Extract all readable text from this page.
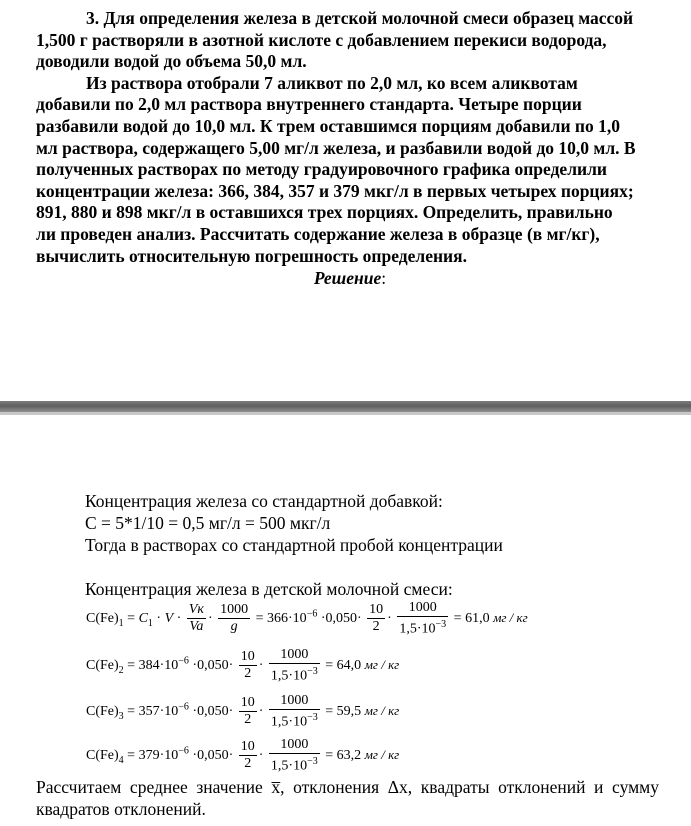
3. Для определения железа в детской молочной смеси образец массой 1,500 г растворяли в азотной кислоте с добавлением перекиси водорода, доводили водой до объема 50,0 мл.

Из раствора отобрали 7 аликвот по 2,0 мл, ко всем аликвотам добавили по 2,0 мл раствора внутреннего стандарта. Четыре порции разбавили водой до 10,0 мл. К трем оставшимся порциям добавили по 1,0 мл раствора, содержащего 5,00 мг/л железа, и разбавили водой до 10,0 мл. В полученных растворах по методу градуировочного графика определили концентрации железа: 366, 384, 357 и 379 мкг/л в первых четырех порциях; 891, 880 и 898 мкг/л в оставшихся трех порциях. Определить, правильно ли проведен анализ. Рассчитать содержание железа в образце (в мг/кг), вычислить относительную погрешность определения.

Решение:
Концентрация железа со стандартной добавкой:
С = 5*1/10 = 0,5 мг/л = 500 мкг/л
Тогда в растворах со стандартной пробой концентрации
Концентрация железа в детской молочной смеси:
$C(Fe)_1 = C_1 \cdot V \cdot \frac{Vк}{Va} \cdot \frac{1000}{g} = 366\cdot 10^{-6} \cdot 0,050\cdot \frac{10}{2} \cdot \frac{1000}{1,5\cdot 10^{-3}} = 61,0$ мг / кг
$C(Fe)_2 = 384\cdot 10^{-6} \cdot 0,050\cdot \frac{10}{2} \cdot \frac{1000}{1,5\cdot 10^{-3}} = 64,0$ мг / кг
$C(Fe)_3 = 357\cdot 10^{-6} \cdot 0,050\cdot \frac{10}{2} \cdot \frac{1000}{1,5\cdot 10^{-3}} = 59,5$ мг / кг
$C(Fe)_4 = 379\cdot 10^{-6} \cdot 0,050\cdot \frac{10}{2} \cdot \frac{1000}{1,5\cdot 10^{-3}} = 63,2$ мг / кг
Рассчитаем среднее значение x̅, отклонения Δх, квадраты отклонений и сумму квадратов отклонений.
